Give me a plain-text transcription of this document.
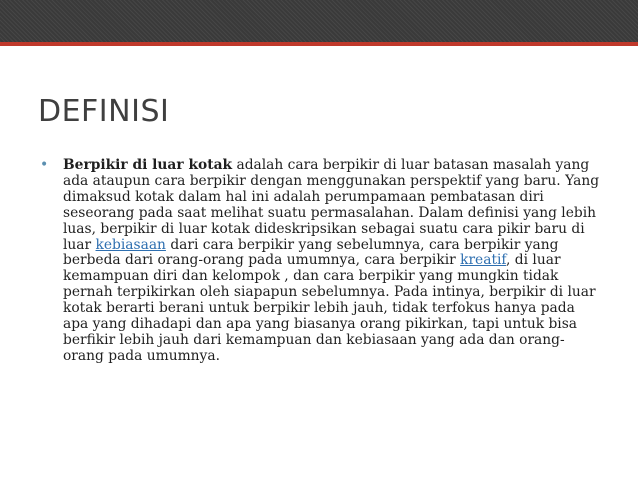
DEFINISI
• Berpikir di luar kotak adalah cara berpikir di luar batasan masalah yang ada ataupun cara berpikir dengan menggunakan perspektif yang baru. Yang dimaksud kotak dalam hal ini adalah perumpamaan pembatasan diri seseorang pada saat melihat suatu permasalahan. Dalam definisi yang lebih luas, berpikir di luar kotak dideskripsikan sebagai suatu cara pikir baru di luar kebiasaan dari cara berpikir yang sebelumnya, cara berpikir yang berbeda dari orang-orang pada umumnya, cara berpikir kreatif, di luar kemampuan diri dan kelompok , dan cara berpikir yang mungkin tidak pernah terpikirkan oleh siapapun sebelumnya. Pada intinya, berpikir di luar kotak berarti berani untuk berpikir lebih jauh, tidak terfokus hanya pada apa yang dihadapi dan apa yang biasanya orang pikirkan, tapi untuk bisa berfikir lebih jauh dari kemampuan dan kebiasaan yang ada dan orang-orang pada umumnya.
